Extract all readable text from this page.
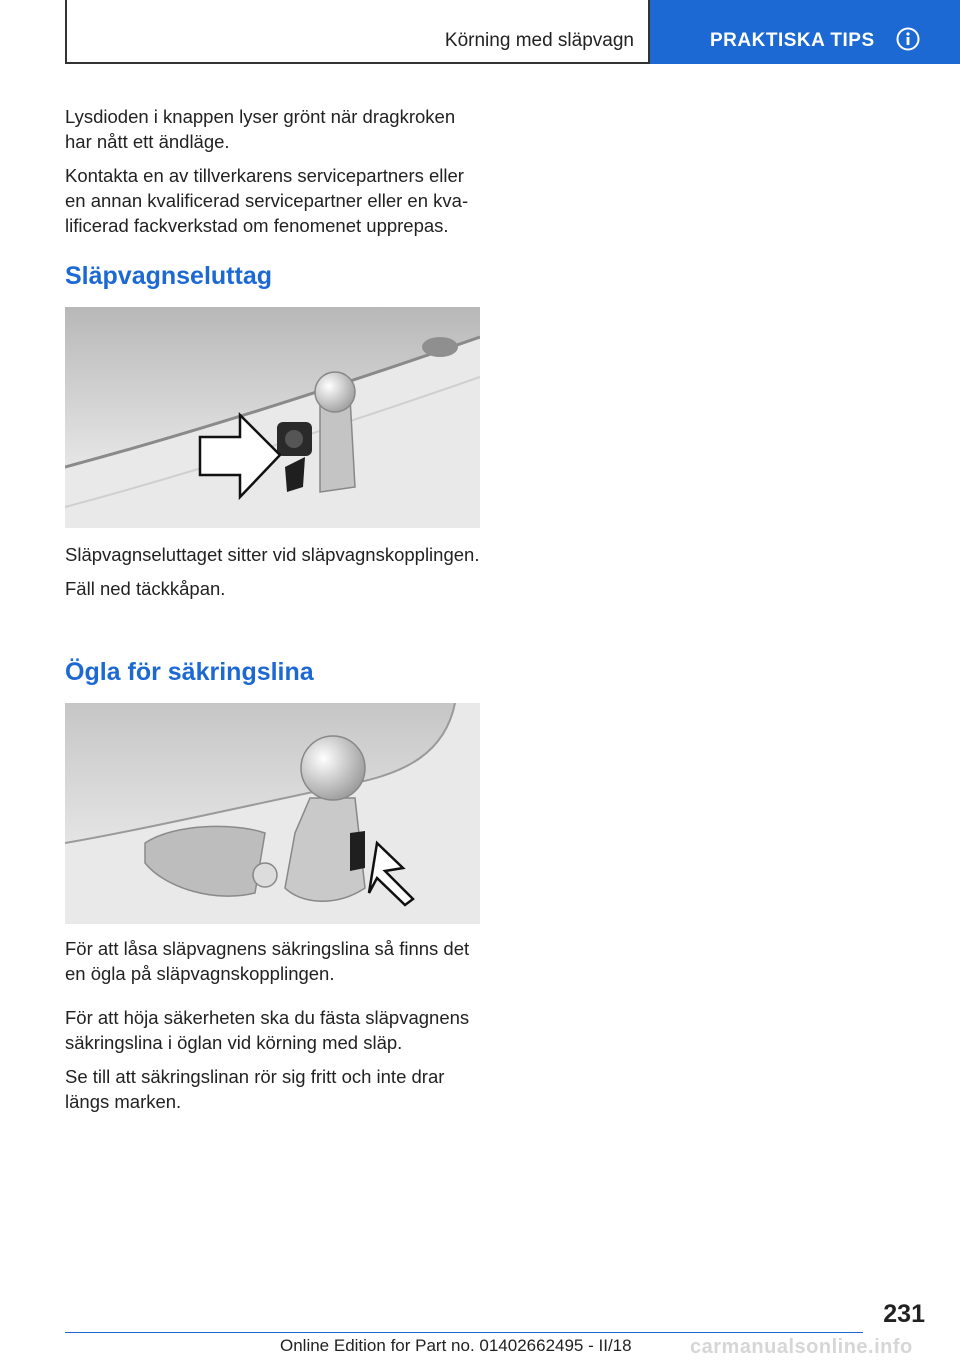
Körning med släpvagn	PRAKTISKA TIPS

Lysdioden i knappen lyser grönt när dragkroken har nått ett ändläge.

Kontakta en av tillverkarens servicepartners eller en annan kvalificerad servicepartner eller en kvalificerad fackverkstad om fenomenet upprepas.

Släpvagnseluttag

Släpvagnseluttaget sitter vid släpvagnskopplingen.

Fäll ned täckkåpan.

Ögla för säkringslina

För att låsa släpvagnens säkringslina så finns det en ögla på släpvagnskopplingen.

För att höja säkerheten ska du fästa släpvagnens säkringslina i öglan vid körning med släp.

Se till att säkringslinan rör sig fritt och inte drar längs marken.

231
Online Edition for Part no. 01402662495 - II/18	carmanualsonline.info
